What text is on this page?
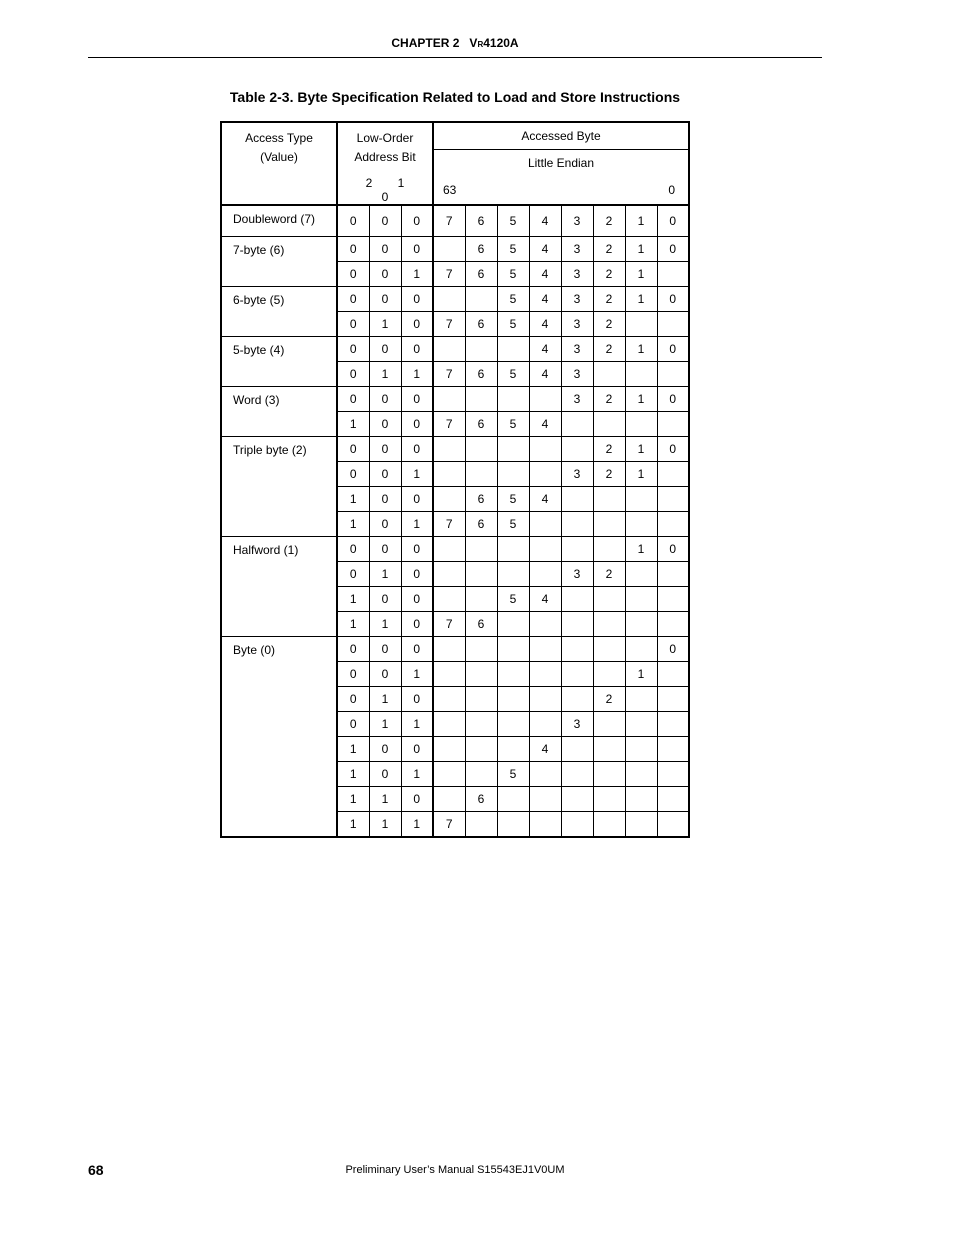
CHAPTER 2 VR4120A
Table 2-3. Byte Specification Related to Load and Store Instructions
Access Type
(Value)	Low-Order
Address Bit			Accessed Byte							
				Little Endian							
	2 10			63 0							

Doubleword (7)	0	0	0	7	6	5	4	3	2	1	0
7-byte (6)	0	0	0		6	5	4	3	2	1	0
	0	0	1	7	6	5	4	3	2	1	
6-byte (5)	0	0	0			5	4	3	2	1	0
	0	1	0	7	6	5	4	3	2		
5-byte (4)	0	0	0				4	3	2	1	0
	0	1	1	7	6	5	4	3			
Word (3)	0	0	0					3	2	1	0
	1	0	0	7	6	5	4				
Triple byte (2)	0	0	0						2	1	0
	0	0	1					3	2	1	
	1	0	0		6	5	4				
	1	0	1	7	6	5					
Halfword (1)	0	0	0							1	0
	0	1	0					3	2		
	1	0	0			5	4				
	1	1	0	7	6						
Byte (0)	0	0	0								0
	0	0	1							1	
	0	1	0						2		
	0	1	1					3			
	1	0	0				4				
	1	0	1			5					
	1	1	0		6						
	1	1	1	7							
68	Preliminary User’s Manual S15543EJ1V0UM
